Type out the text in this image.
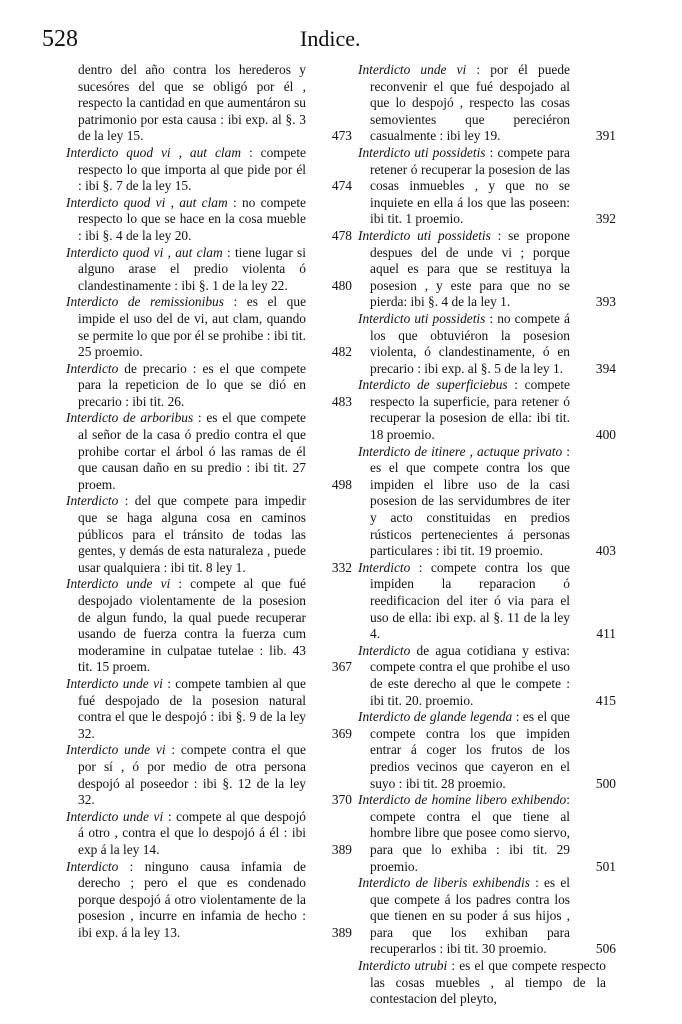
528	Indice.

dentro del año contra los herederos y sucesóres del que se obligó por él , respecto la cantidad en que aumentáron su patrimonio por esta causa : ibi exp. al §. 3 de la ley 15.	473

Interdicto quod vi , aut clam : compete respecto lo que importa al que pide por él : ibi §. 7 de la ley 15.	474

Interdicto quod vi , aut clam : no compete respecto lo que se hace en la cosa mueble : ibi §. 4 de la ley 20.	478

Interdicto quod vi , aut clam : tiene lugar si alguno arase el predio violenta ó clandestinamente : ibi §. 1 de la ley 22.	480

Interdicto de remissionibus : es el que impide el uso del de vi, aut clam, quando se permite lo que por él se prohibe : ibi tit. 25 proemio.	482

Interdicto de precario : es el que compete para la repeticion de lo que se dió en precario : ibi tit. 26.	483

Interdicto de arboribus : es el que compete al señor de la casa ó predio contra el que prohibe cortar el árbol ó las ramas de él que causan daño en su predio : ibi tit. 27 proem.	498

Interdicto : del que compete para impedir que se haga alguna cosa en caminos públicos para el tránsito de todas las gentes, y demás de esta naturaleza , puede usar qualquiera : ibi tit. 8 ley 1.	332

Interdicto unde vi : compete al que fué despojado violentamente de la posesion de algun fundo, la qual puede recuperar usando de fuerza contra la fuerza cum moderamine in culpatae tutelae : lib. 43 tit. 15 proem.	367

Interdicto unde vi : compete tambien al que fué despojado de la posesion natural contra el que le despojó : ibi §. 9 de la ley 32.	369

Interdicto unde vi : compete contra el que por sí , ó por medio de otra persona despojó al poseedor : ibi §. 12 de la ley 32.	370

Interdicto unde vi : compete al que despojó á otro , contra el que lo despojó á él : ibi exp á la ley 14.	389

Interdicto : ninguno causa infamia de derecho ; pero el que es condenado porque despojó á otro violentamente de la posesion , incurre en infamia de hecho : ibi exp. á la ley 13.	389

Interdicto unde vi : por él puede reconvenir el que fué despojado al que lo despojó , respecto las cosas semovientes que pereciéron casualmente : ibi ley 19.	391

Interdicto uti possidetis : compete para retener ó recuperar la posesion de las cosas inmuebles , y que no se inquiete en ella á los que las poseen: ibi tit. 1 proemio.	392

Interdicto uti possidetis : se propone despues del de unde vi ; porque aquel es para que se restituya la posesion , y este para que no se pierda: ibi §. 4 de la ley 1.	393

Interdicto uti possidetis : no compete á los que obtuviéron la posesion violenta, ó clandestinamente, ó en precario : ibi exp. al §. 5 de la ley 1. 394

Interdicto de superficiebus : compete respecto la superficie, para retener ó recuperar la posesion de ella: ibi tit. 18 proemio.	400

Interdicto de itinere , actuque privato : es el que compete contra los que impiden el libre uso de la casi posesion de las servidumbres de iter y acto constituidas en predios rústicos pertenecientes á personas particulares : ibi tit. 19 proemio.	403

Interdicto : compete contra los que impiden la reparacion ó reedificacion del iter ó via para el uso de ella: ibi exp. al §. 11 de la ley 4.	411

Interdicto de agua cotidiana y estiva: compete contra el que prohibe el uso de este derecho al que le compete : ibi tit. 20. proemio.	415

Interdicto de glande legenda : es el que compete contra los que impiden entrar á coger los frutos de los predios vecinos que cayeron en el suyo : ibi tit. 28 proemio.	500

Interdicto de homine libero exhibendo: compete contra el que tiene al hombre libre que posee como siervo, para que lo exhiba : ibi tit. 29 proemio.	501

Interdicto de liberis exhibendis : es el que compete á los padres contra los que tienen en su poder á sus hijos , para que los exhiban para recuperarlos : ibi tit. 30 proemio.	506

Interdicto utrubi : es el que compete respecto las cosas muebles , al tiempo de la contestacion del pleyto,
